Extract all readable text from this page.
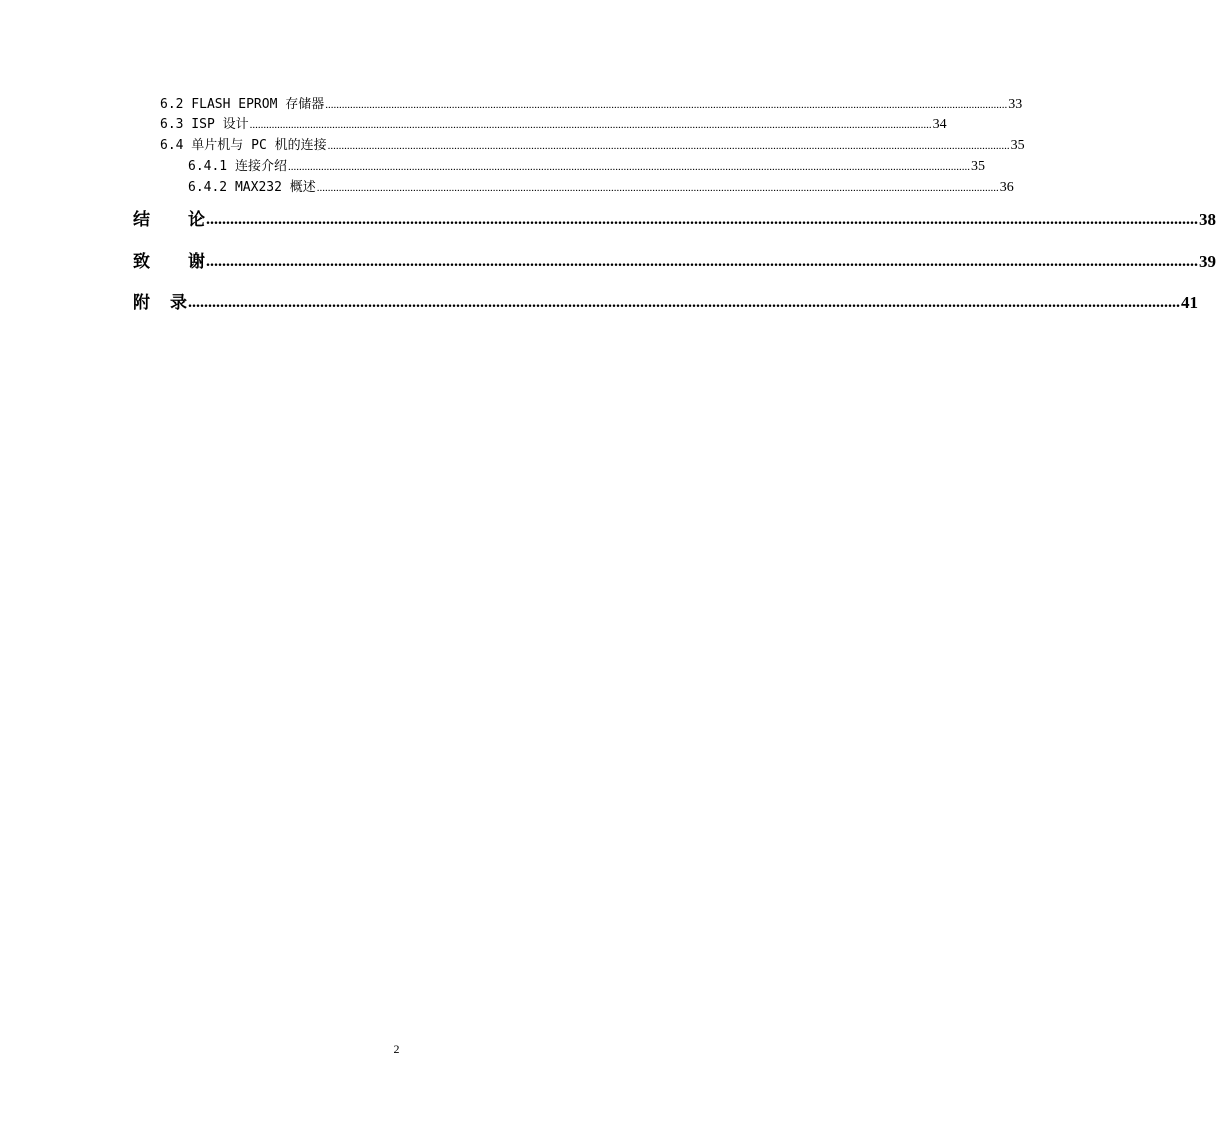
6.2 FLASH EPROM 存储器 ........................................................................................................................................................................................................................................................ 33
6.3 ISP 设计 ........................................................................................................................................................................................................................................................ 34
6.4 单片机与 PC 机的连接 ........................................................................................................................................................................................................................................................ 35
6.4.1 连接介绍 ........................................................................................................................................................................................................................................................ 35
6.4.2 MAX232 概述 ........................................................................................................................................................................................................................................................ 36
结 论 ........................................................................................................................................................................................................................................................ 38
致 谢 ........................................................................................................................................................................................................................................................ 39
附 录 ........................................................................................................................................................................................................................................................ 41
2
